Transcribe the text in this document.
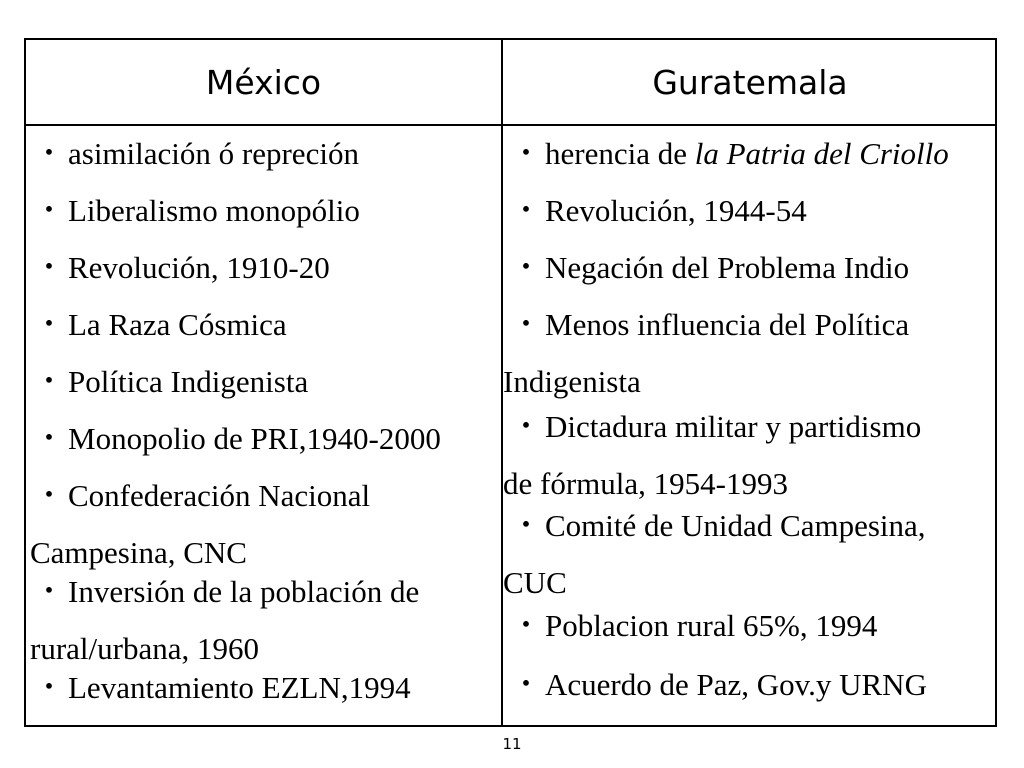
México	Guratemala
・ asimilación ó repreción
・ Liberalismo monopólio
・ Revolución, 1910-20
・ La Raza Cósmica
・ Política Indigenista
・ Monopolio de PRI,1940-2000
・ Confederación Nacional
Campesina, CNC
・ Inversión de la población de
rural/urbana, 1960
・ Levantamiento EZLN,1994
・ herencia de la Patria del Criollo
・ Revolución, 1944-54
・ Negación del Problema Indio
・ Menos influencia del Política
Indigenista
・ Dictadura militar y partidismo
de fórmula, 1954-1993
・ Comité de Unidad Campesina,
CUC
・ Poblacion rural 65%, 1994
・ Acuerdo de Paz, Gov.y URNG
11
